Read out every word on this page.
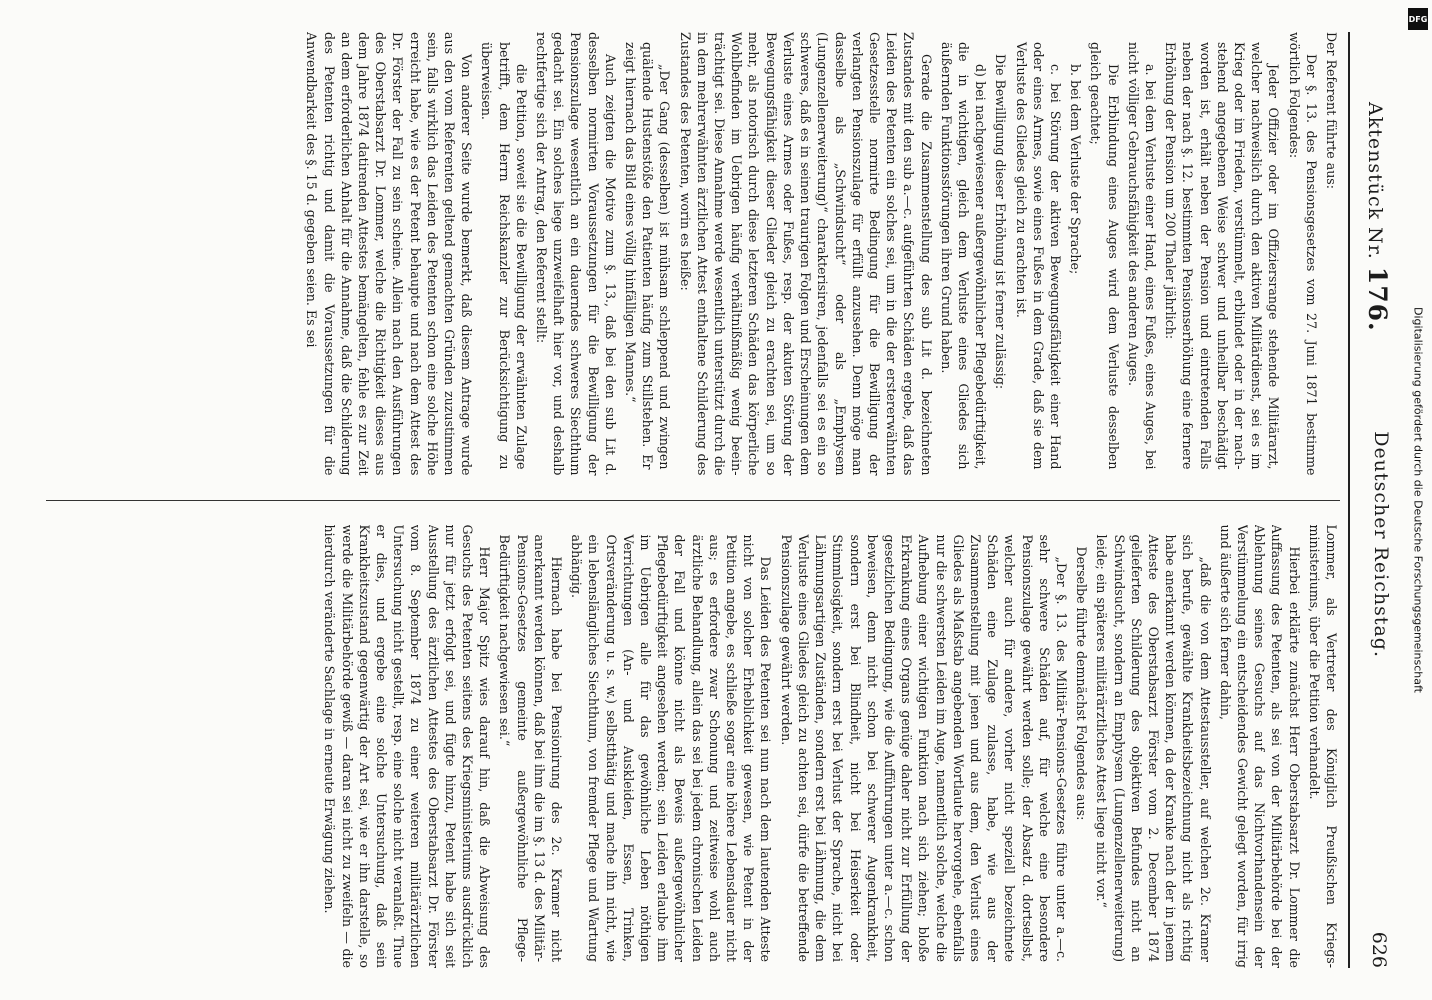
626
Deutscher Reichstag.
Aktenstück Nr. 176.

Lommer, als Vertreter des Königlich Preußischen Kriegsministeriums, über die Petition verhandelt.

Hierbei erklärte zunächst Herr Oberstabsarzt Dr. Lommer die Auffassung des Petenten, als sei von der Militärbehörde bei der Ablehnung seines Gesuchs auf das Nichtvorhandensein der Verstümmelung ein entscheidendes Gewicht gelegt worden, für irrig und äußerte sich ferner dahin,

„daß die von dem Attestaussteller, auf welchen 2c. Kramer sich berufe, gewählte Krankheitsbezeichnung nicht als richtig habe anerkannt werden können, da der Kranke nach der in jenem Atteste des Oberstabsarzt Förster vom 2. December 1874 gelieferten Schilderung des objektiven Befundes nicht an Schwindsucht, sondern an Emphysem (Lungenzellenerweiterung) leide; ein späteres militärärztliches Attest liege nicht vor.“

Derselbe führte demnächst Folgendes aus:

„Der §. 13. des Militär-Pensions-Gesetzes führe unter a.—c. sehr schwere Schäden auf, für welche eine besondere Pensionszulage gewährt werden solle; der Absatz d. dortselbst, welcher auch für andere, vorher nicht speziell bezeichnete Schäden eine Zulage zulasse, habe, wie aus der Zusammenstellung mit jenen und aus dem, den Verlust eines Gliedes als Maßstab angebenden Wortlaute hervorgehe, ebenfalls nur die schwersten Leiden im Auge, namentlich solche, welche die Aufhebung einer wichtigen Funktion nach sich ziehen; bloße Erkrankung eines Organs genüge daher nicht zur Erfüllung der gesetzlichen Bedingung, wie die Aufführungen unter a.—c. schon beweisen, denn nicht schon bei schwerer Augenkrankheit, sondern erst bei Blindheit, nicht bei Heiserkeit oder Stimmlosigkeit, sondern erst bei Verlust der Sprache, nicht bei Lähmungsartigen Zuständen, sondern erst bei Lähmung, die dem Verluste eines Gliedes gleich zu achten sei, dürfe die betreffende Pensionszulage gewährt werden.

Das Leiden des Petenten sei nun nach dem lautenden Atteste nicht von solcher Erheblichkeit gewesen, wie Petent in der Petition angebe, es schließe sogar eine höhere Lebensdauer nicht aus; es erfordere zwar Schonung und zeitweise wohl auch ärztliche Behandlung, allein das sei bei jedem chronischen Leiden der Fall und könne nicht als Beweis außergewöhnlicher Pflegebedürftigkeit angesehen werden; sein Leiden erlaube ihm im Uebrigen alle für das gewöhnliche Leben nöthigen Verrichtungen (An- und Auskleiden, Essen, Trinken, Ortsveränderung u. s. w.) selbstthätig und mache ihn nicht, wie ein lebenslängliches Siechthum, von fremder Pflege und Wartung abhängig.

Hiernach habe bei Pensionirung des 2c. Kramer nicht anerkannt werden können, daß bei ihm die im §. 13 d. des Militär-Pensions-Gesetzes gemeinte außergewöhnliche Pflege-Bedürftigkeit nachgewiesen sei.“

Herr Major Spitz wies darauf hin, daß die Abweisung des Gesuchs des Petenten seitens des Kriegsministeriums ausdrücklich nur für jetzt erfolgt sei, und fügte hinzu, Petent habe sich seit Ausstellung des ärztlichen Attestes des Oberstabsarzt Dr. Förster vom 8. September 1874 zu einer weiteren militärärztlichen Untersuchung nicht gestellt, resp. eine solche nicht veranlaßt. Thue er dies, und ergebe eine solche Untersuchung, daß sein Krankheitszustand gegenwärtig der Art sei, wie er ihn darstelle, so werde die Militärbehörde gewiß — daran sei nicht zu zweifeln — die hierdurch veränderte Sachlage in erneute Erwägung ziehen.

Der Referent führte aus:

Der §. 13. des Pensionsgesetzes vom 27. Juni 1871 bestimme wörtlich Folgendes:

Jeder Offizier oder im Offiziersrange stehende Militärarzt, welcher nachweislich durch den aktiven Militärdienst, sei es im Krieg oder im Frieden, verstümmelt, erblindet oder in der nachstehend angegebenen Weise schwer und unheilbar beschädigt worden ist, erhält neben der Pension und eintretenden Falls neben der nach §. 12. bestimmten Pensionserhöhung eine fernere Erhöhung der Pension um 200 Thaler jährlich:

a. bei dem Verluste einer Hand, eines Fußes, eines Auges, bei nicht völliger Gebrauchsfähigkeit des anderen Auges.

Die Erblindung eines Auges wird dem Verluste desselben gleich geachtet;

b. bei dem Verluste der Sprache;

c. bei Störung der aktiven Bewegungsfähigkeit einer Hand oder eines Armes, sowie eines Fußes in dem Grade, daß sie dem Verluste des Gliedes gleich zu erachten ist.

Die Bewilligung dieser Erhöhung ist ferner zulässig:

d) bei nachgewiesener außergewöhnlicher Pflegebedürftigkeit, die in wichtigen, gleich dem Verluste eines Gliedes sich äußernden Funktionsstörungen ihren Grund haben.

Gerade die Zusammenstellung des sub Lit d. bezeichneten Zustandes mit den sub a.—c. aufgeführten Schäden ergebe, daß das Leiden des Petenten ein solches sei, um in die der erstererwähnten Gesetzesstelle normirte Bedingung für die Bewilligung der verlangten Pensionszulage für erfüllt anzusehen. Denn möge man dasselbe als „Schwindsucht“ oder als „Emphysem (Lungenzellenerweiterung)“ charakterisiren, jedenfalls sei es ein so schweres, daß es in seinen traurigen Folgen und Erscheinungen dem Verluste eines Armes oder Fußes, resp. der akuten Störung der Bewegungsfähigkeit dieser Glieder gleich zu erachten sei, um so mehr, als notorisch durch diese letzteren Schäden das körperliche Wohlbefinden im Uebrigen häufig verhältnißmäßig wenig beeinträchtigt sei. Diese Annahme werde wesentlich unterstützt durch die in dem mehrerwähnten ärztlichen Attest enthaltene Schilderung des Zustandes des Petenten, worin es heiße:

„Der Gang (desselben) ist mühsam schleppend und zwingen quälende Hustenstöße den Patienten häufig zum Stillstehen. Er zeigt hiernach das Bild eines völlig hinfälligen Mannes.“

Auch zeigten die Motive zum §. 13., daß bei den sub Lit d. desselben normirten Voraussetzungen für die Bewilligung der Pensionszulage wesentlich an ein dauerndes schweres Siechthum gedacht sei. Ein solches liege unzweifelhaft hier vor, und deshalb rechtfertige sich der Antrag, den Referent stellt:

die Petition, soweit sie die Bewilligung der erwähnten Zulage betrifft, dem Herrn Reichskanzler zur Berücksichtigung zu überweisen.

Von anderer Seite wurde bemerkt, daß diesem Antrage wurde aus den vom Referenten geltend gemachten Gründen zuzustimmen sein, falls wirklich das Leiden des Petenten schon eine solche Höhe erreicht habe, wie es der Petent behaupte und nach dem Attest des Dr. Förster der Fall zu sein scheine. Allein nach den Ausführungen des Oberstabsarzt Dr. Lommer, welche die Richtigkeit dieses aus dem Jahre 1874 datirenden Attestes bemängelten, fehle es zur Zeit an dem erforderlichen Anhalt für die Annahme, daß die Schilderung des Petenten richtig und damit die Voraussetzungen für die Anwendbarkeit des §. 15 d. gegeben seien. Es sei

DFG
Digitalisierung gefördert durch die Deutsche Forschungsgemeinschaft
